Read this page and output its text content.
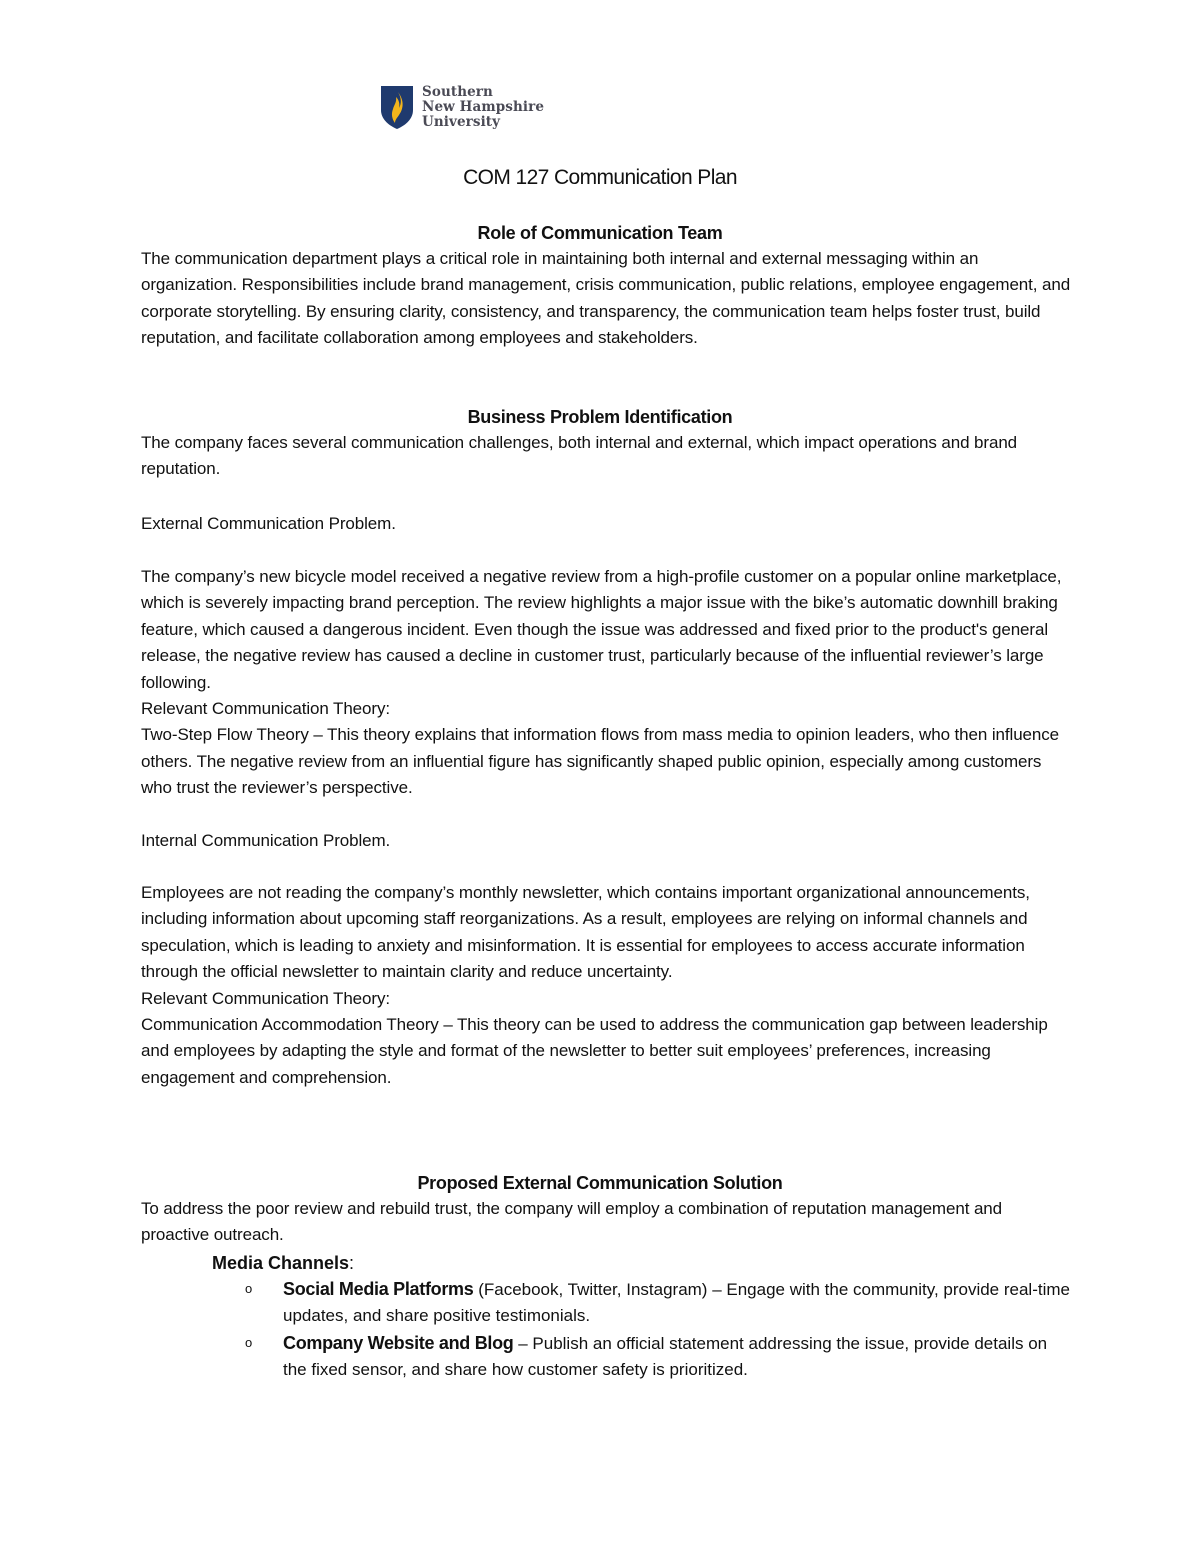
Southern
New Hampshire
University
COM 127 Communication Plan
Role of Communication Team

The communication department plays a critical role in maintaining both internal and external messaging within an organization. Responsibilities include brand management, crisis communication, public relations, employee engagement, and corporate storytelling. By ensuring clarity, consistency, and transparency, the communication team helps foster trust, build reputation, and facilitate collaboration among employees and stakeholders.

Business Problem Identification

The company faces several communication challenges, both internal and external, which impact operations and brand reputation.

External Communication Problem.

The company’s new bicycle model received a negative review from a high-profile customer on a popular online marketplace, which is severely impacting brand perception. The review highlights a major issue with the bike’s automatic downhill braking feature, which caused a dangerous incident. Even though the issue was addressed and fixed prior to the product's general release, the negative review has caused a decline in customer trust, particularly because of the influential reviewer’s large following.

Relevant Communication Theory:

Two-Step Flow Theory – This theory explains that information flows from mass media to opinion leaders, who then influence others. The negative review from an influential figure has significantly shaped public opinion, especially among customers who trust the reviewer’s perspective.

Internal Communication Problem.

Employees are not reading the company’s monthly newsletter, which contains important organizational announcements, including information about upcoming staff reorganizations. As a result, employees are relying on informal channels and speculation, which is leading to anxiety and misinformation. It is essential for employees to access accurate information through the official newsletter to maintain clarity and reduce uncertainty.

Relevant Communication Theory:

Communication Accommodation Theory – This theory can be used to address the communication gap between leadership and employees by adapting the style and format of the newsletter to better suit employees’ preferences, increasing engagement and comprehension.

Proposed External Communication Solution

To address the poor review and rebuild trust, the company will employ a combination of reputation management and proactive outreach.

Media Channels:
o Social Media Platforms (Facebook, Twitter, Instagram) – Engage with the community, provide real-time updates, and share positive testimonials.
o Company Website and Blog – Publish an official statement addressing the issue, provide details on the fixed sensor, and share how customer safety is prioritized.
